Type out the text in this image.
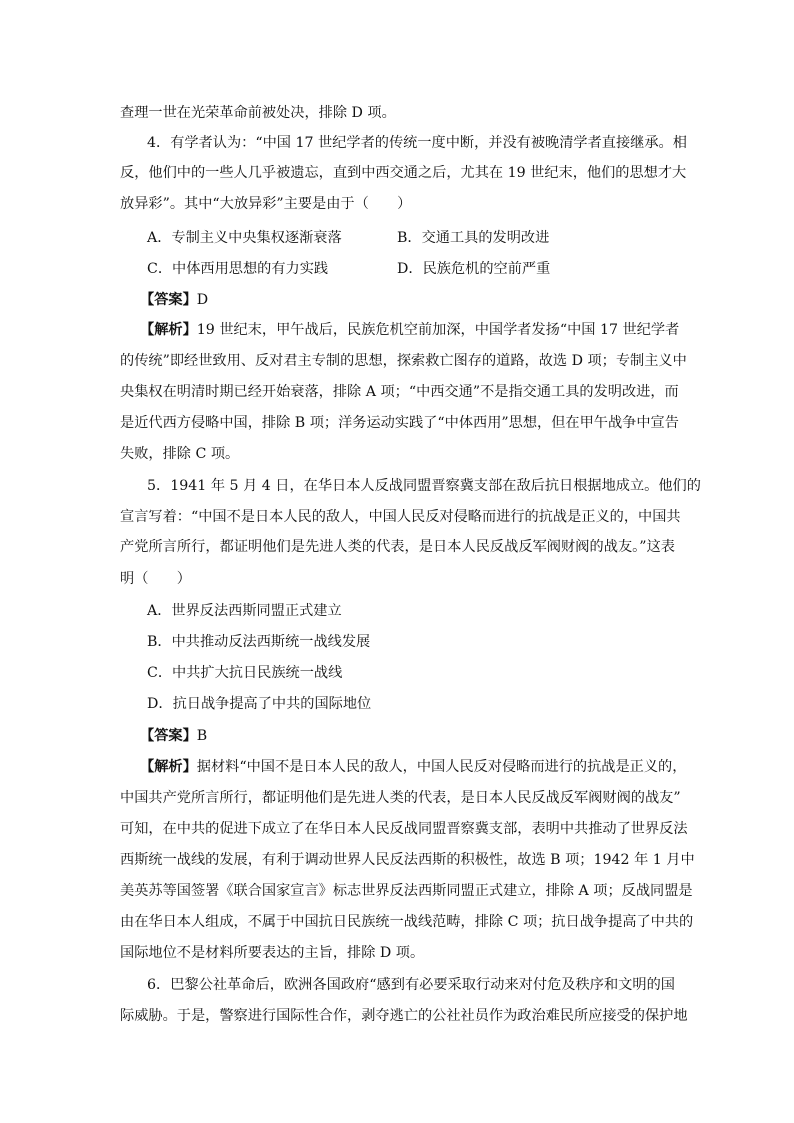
查理一世在光荣革命前被处决，排除 D 项。
4．有学者认为：“中国 17 世纪学者的传统一度中断，并没有被晚清学者直接继承。相
反，他们中的一些人几乎被遗忘，直到中西交通之后，尤其在 19 世纪末，他们的思想才大
放异彩”。其中“大放异彩”主要是由于（　　）
A．专制主义中央集权逐渐衰落	B．交通工具的发明改进
C．中体西用思想的有力实践	D．民族危机的空前严重
【答案】D
【解析】19 世纪末，甲午战后，民族危机空前加深，中国学者发扬“中国 17 世纪学者
的传统”即经世致用、反对君主专制的思想，探索救亡图存的道路，故选 D 项；专制主义中
央集权在明清时期已经开始衰落，排除 A 项；“中西交通”不是指交通工具的发明改进，而
是近代西方侵略中国，排除 B 项；洋务运动实践了“中体西用”思想，但在甲午战争中宣告
失败，排除 C 项。
5．1941 年 5 月 4 日，在华日本人反战同盟晋察冀支部在敌后抗日根据地成立。他们的
宣言写着：“中国不是日本人民的敌人，中国人民反对侵略而进行的抗战是正义的，中国共
产党所言所行，都证明他们是先进人类的代表，是日本人民反战反军阀财阀的战友。”这表
明（　　）
A．世界反法西斯同盟正式建立
B．中共推动反法西斯统一战线发展
C．中共扩大抗日民族统一战线
D．抗日战争提高了中共的国际地位
【答案】B
【解析】据材料“中国不是日本人民的敌人，中国人民反对侵略而进行的抗战是正义的，
中国共产党所言所行，都证明他们是先进人类的代表，是日本人民反战反军阀财阀的战友”
可知，在中共的促进下成立了在华日本人民反战同盟晋察冀支部，表明中共推动了世界反法
西斯统一战线的发展，有利于调动世界人民反法西斯的积极性，故选 B 项；1942 年 1 月中
美英苏等国签署《联合国家宣言》标志世界反法西斯同盟正式建立，排除 A 项；反战同盟是
由在华日本人组成，不属于中国抗日民族统一战线范畴，排除 C 项；抗日战争提高了中共的
国际地位不是材料所要表达的主旨，排除 D 项。
6．巴黎公社革命后，欧洲各国政府“感到有必要采取行动来对付危及秩序和文明的国
际威胁。于是，警察进行国际性合作，剥夺逃亡的公社社员作为政治难民所应接受的保护地
